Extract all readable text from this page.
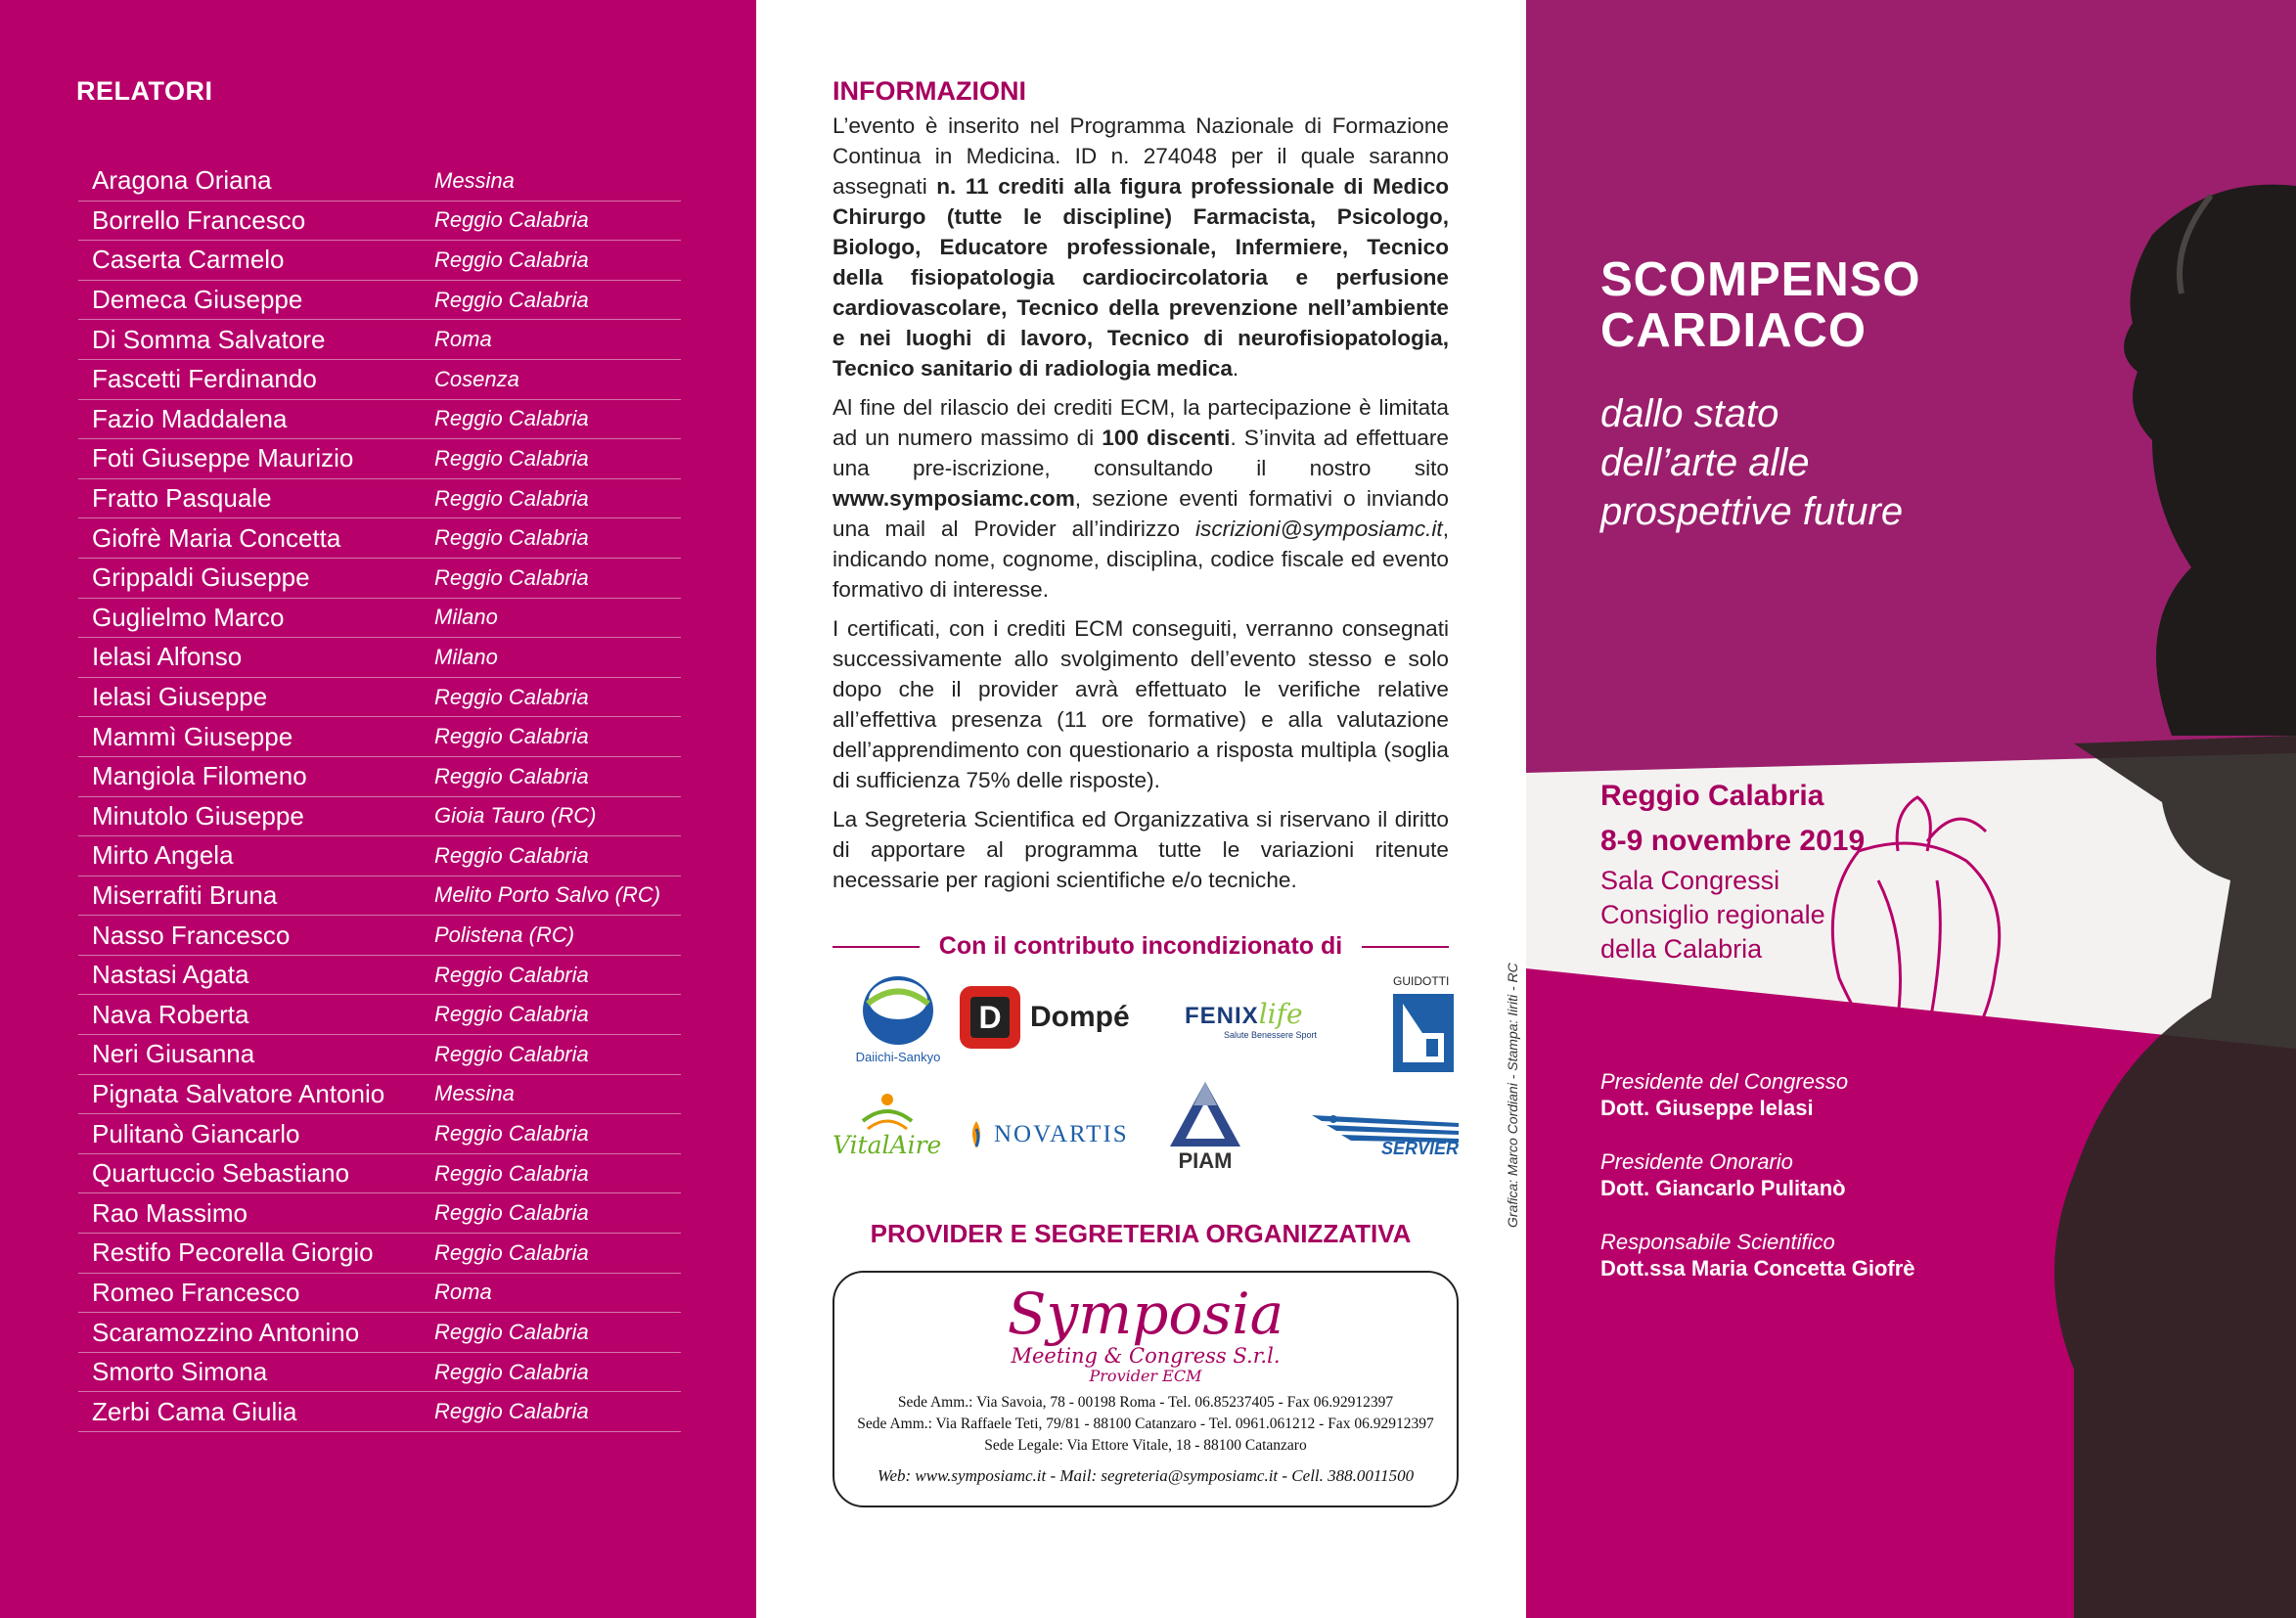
RELATORI
Aragona Oriana	Messina
Borrello Francesco	Reggio Calabria
Caserta Carmelo	Reggio Calabria
Demeca Giuseppe	Reggio Calabria
Di Somma Salvatore	Roma
Fascetti Ferdinando	Cosenza
Fazio Maddalena	Reggio Calabria
Foti Giuseppe Maurizio	Reggio Calabria
Fratto Pasquale	Reggio Calabria
Giofrè Maria Concetta	Reggio Calabria
Grippaldi Giuseppe	Reggio Calabria
Guglielmo Marco	Milano
Ielasi Alfonso	Milano
Ielasi Giuseppe	Reggio Calabria
Mammì Giuseppe	Reggio Calabria
Mangiola Filomeno	Reggio Calabria
Minutolo Giuseppe	Gioia Tauro (RC)
Mirto Angela	Reggio Calabria
Miserrafiti Bruna	Melito Porto Salvo (RC)
Nasso Francesco	Polistena (RC)
Nastasi Agata	Reggio Calabria
Nava Roberta	Reggio Calabria
Neri Giusanna	Reggio Calabria
Pignata Salvatore Antonio	Messina
Pulitanò Giancarlo	Reggio Calabria
Quartuccio Sebastiano	Reggio Calabria
Rao Massimo	Reggio Calabria
Restifo Pecorella Giorgio	Reggio Calabria
Romeo Francesco	Roma
Scaramozzino Antonino	Reggio Calabria
Smorto Simona	Reggio Calabria
Zerbi Cama Giulia	Reggio Calabria
INFORMAZIONI

L’evento è inserito nel Programma Nazionale di Formazione Continua in Medicina. ID n. 274048 per il quale saranno assegnati n. 11 crediti alla figura professionale di Medico Chirurgo (tutte le discipline) Farmacista, Psicologo, Biologo, Educatore professionale, Infermiere, Tecnico della fisiopatologia cardiocircolatoria e perfusione cardiovascolare, Tecnico della prevenzione nell’ambiente e nei luoghi di lavoro, Tecnico di neurofisiopatologia, Tecnico sanitario di radiologia medica.

Al fine del rilascio dei crediti ECM, la partecipazione è limitata ad un numero massimo di 100 discenti. S’invita ad effettuare una pre-iscrizione, consultando il nostro sito www.symposiamc.com, sezione eventi formativi o inviando una mail al Provider all’indirizzo iscrizioni@symposiamc.it, indicando nome, cognome, disciplina, codice fiscale ed evento formativo di interesse.

I certificati, con i crediti ECM conseguiti, verranno consegnati successivamente allo svolgimento dell’evento stesso e solo dopo che il provider avrà effettuato le verifiche relative all’effettiva presenza (11 ore formative) e alla valutazione dell’apprendimento con questionario a risposta multipla (soglia di sufficienza 75% delle risposte).

La Segreteria Scientifica ed Organizzativa si riservano il diritto di apportare al programma tutte le variazioni ritenute necessarie per ragioni scientifiche e/o tecniche.

Con il contributo incondizionato di
Daiichi-Sankyo
D Dompé FENIX life
Salute Benessere Sport
GUIDOTTI
VitalAire NOVARTIS
PIAM	SERVIER
PROVIDER E SEGRETERIA ORGANIZZATIVA
Symposia
Meeting & Congress S.r.l.
Provider ECM
Sede Amm.: Via Savoia, 78 - 00198 Roma - Tel. 06.85237405 - Fax 06.92912397
Sede Amm.: Via Raffaele Teti, 79/81 - 88100 Catanzaro - Tel. 0961.061212 - Fax 06.92912397
Sede Legale: Via Ettore Vitale, 18 - 88100 Catanzaro
Web: www.symposiamc.it - Mail: segreteria@symposiamc.it - Cell. 388.0011500
Grafica: Marco Cordiani - Stampa: Iiriti - RC
SCOMPENSO
CARDIACO
dallo stato
dell’arte alle
prospettive future
Reggio Calabria
8-9 novembre 2019
Sala Congressi
Consiglio regionale
della Calabria
Presidente del Congresso
Dott. Giuseppe Ielasi
Presidente Onorario
Dott. Giancarlo Pulitanò
Responsabile Scientifico
Dott.ssa Maria Concetta Giofrè
